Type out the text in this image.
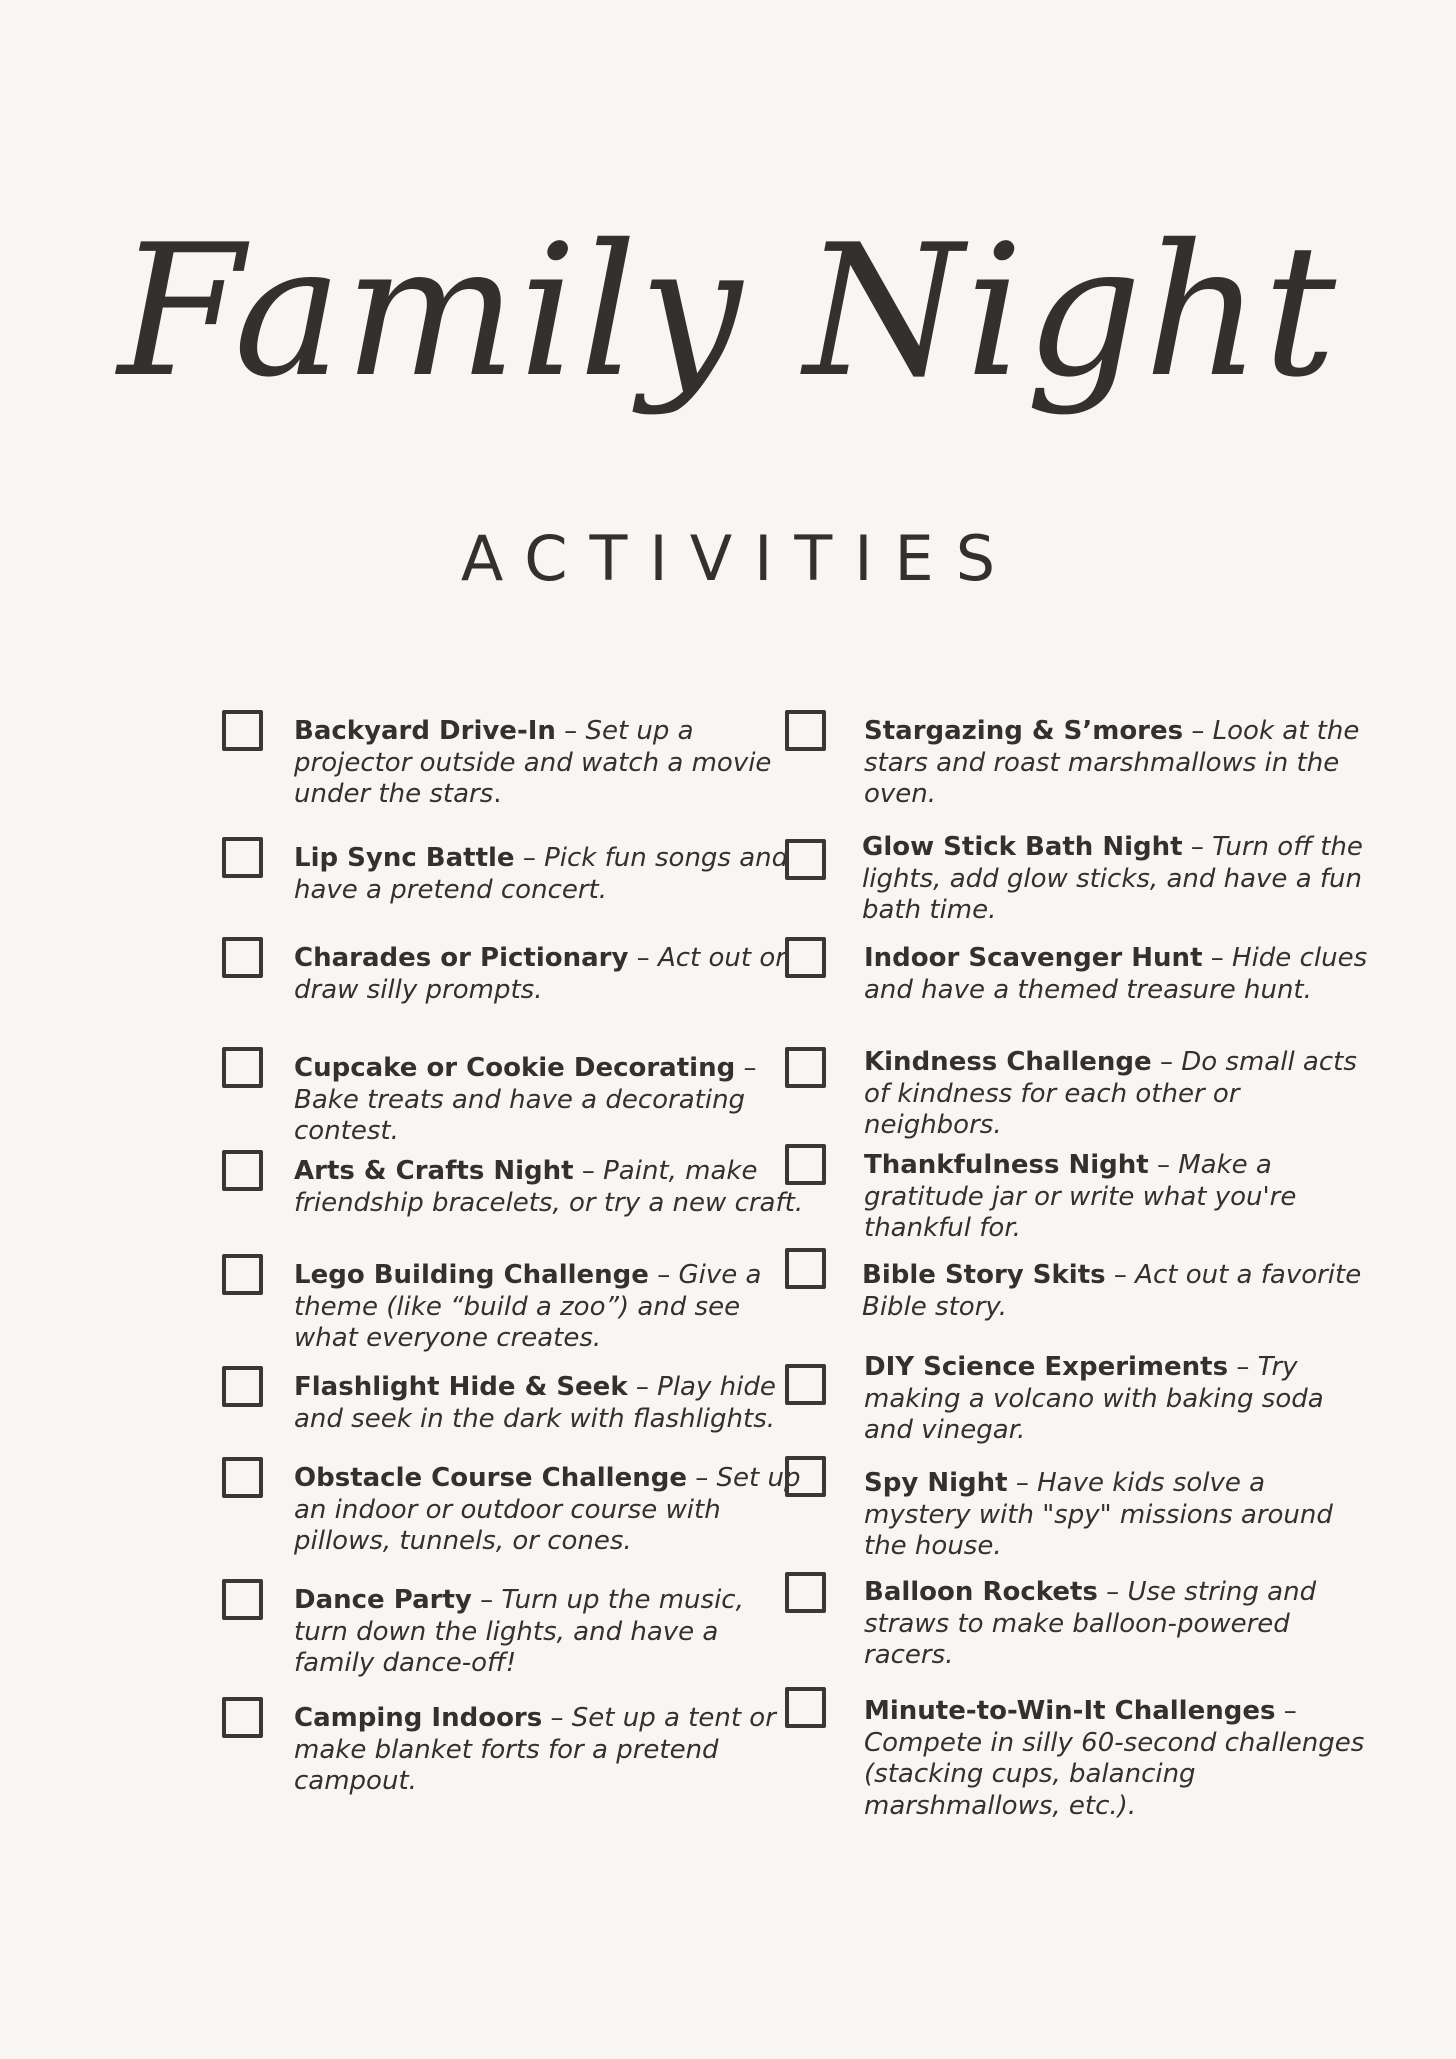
Family Night
ACTIVITIES

Backyard Drive-In – Set up a projector outside and watch a movie under the stars.

Lip Sync Battle – Pick fun songs and have a pretend concert.

Charades or Pictionary – Act out or draw silly prompts.

Cupcake or Cookie Decorating – Bake treats and have a decorating contest.

Arts & Crafts Night – Paint, make friendship bracelets, or try a new craft.

Lego Building Challenge – Give a theme (like “build a zoo”) and see what everyone creates.

Flashlight Hide & Seek – Play hide and seek in the dark with flashlights.

Obstacle Course Challenge – Set up an indoor or outdoor course with pillows, tunnels, or cones.

Dance Party – Turn up the music, turn down the lights, and have a family dance-off!

Camping Indoors – Set up a tent or make blanket forts for a pretend campout.

Stargazing & S’mores – Look at the stars and roast marshmallows in the oven.

Glow Stick Bath Night – Turn off the lights, add glow sticks, and have a fun bath time.

Indoor Scavenger Hunt – Hide clues and have a themed treasure hunt.

Kindness Challenge – Do small acts of kindness for each other or neighbors.

Thankfulness Night – Make a gratitude jar or write what you're thankful for.

Bible Story Skits – Act out a favorite Bible story.

DIY Science Experiments – Try making a volcano with baking soda and vinegar.

Spy Night – Have kids solve a mystery with "spy" missions around the house.

Balloon Rockets – Use string and straws to make balloon-powered racers.

Minute-to-Win-It Challenges – Compete in silly 60-second challenges (stacking cups, balancing marshmallows, etc.).
